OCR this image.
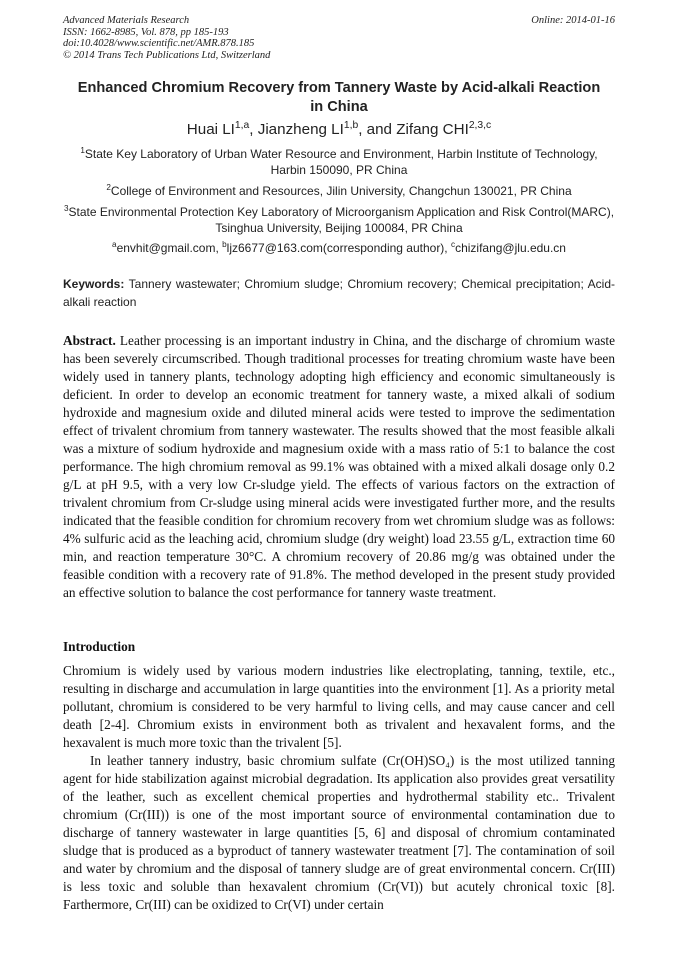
Advanced Materials Research
ISSN: 1662-8985, Vol. 878, pp 185-193
doi:10.4028/www.scientific.net/AMR.878.185
© 2014 Trans Tech Publications Ltd, Switzerland
Online: 2014-01-16
Enhanced Chromium Recovery from Tannery Waste by Acid-alkali Reaction in China
Huai LI$^{1,a}$, Jianzheng LI$^{1,b}$, and Zifang CHI$^{2,3,c}$
$^1$State Key Laboratory of Urban Water Resource and Environment, Harbin Institute of Technology, Harbin 150090, PR China
$^2$College of Environment and Resources, Jilin University, Changchun 130021, PR China
$^3$State Environmental Protection Key Laboratory of Microorganism Application and Risk Control(MARC), Tsinghua University, Beijing 100084, PR China
$^a$envhit@gmail.com, $^b$ljz6677@163.com(corresponding author), $^c$chizifang@jlu.edu.cn
Keywords: Tannery wastewater; Chromium sludge; Chromium recovery; Chemical precipitation; Acid-alkali reaction
Abstract. Leather processing is an important industry in China, and the discharge of chromium waste has been severely circumscribed. Though traditional processes for treating chromium waste have been widely used in tannery plants, technology adopting high efficiency and economic simultaneously is deficient. In order to develop an economic treatment for tannery waste, a mixed alkali of sodium hydroxide and magnesium oxide and diluted mineral acids were tested to improve the sedimentation effect of trivalent chromium from tannery wastewater. The results showed that the most feasible alkali was a mixture of sodium hydroxide and magnesium oxide with a mass ratio of 5:1 to balance the cost performance. The high chromium removal as 99.1% was obtained with a mixed alkali dosage only 0.2 g/L at pH 9.5, with a very low Cr-sludge yield. The effects of various factors on the extraction of trivalent chromium from Cr-sludge using mineral acids were investigated further more, and the results indicated that the feasible condition for chromium recovery from wet chromium sludge was as follows: 4% sulfuric acid as the leaching acid, chromium sludge (dry weight) load 23.55 g/L, extraction time 60 min, and reaction temperature 30°C. A chromium recovery of 20.86 mg/g was obtained under the feasible condition with a recovery rate of 91.8%. The method developed in the present study provided an effective solution to balance the cost performance for tannery waste treatment.
Introduction

Chromium is widely used by various modern industries like electroplating, tanning, textile, etc., resulting in discharge and accumulation in large quantities into the environment [1]. As a priority metal pollutant, chromium is considered to be very harmful to living cells, and may cause cancer and cell death [2-4]. Chromium exists in environment both as trivalent and hexavalent forms, and the hexavalent is much more toxic than the trivalent [5].

In leather tannery industry, basic chromium sulfate (Cr(OH)SO₄) is the most utilized tanning agent for hide stabilization against microbial degradation. Its application also provides great versatility of the leather, such as excellent chemical properties and hydrothermal stability etc.. Trivalent chromium (Cr(III)) is one of the most important source of environmental contamination due to discharge of tannery wastewater in large quantities [5, 6] and disposal of chromium contaminated sludge that is produced as a byproduct of tannery wastewater treatment [7]. The contamination of soil and water by chromium and the disposal of tannery sludge are of great environmental concern. Cr(III) is less toxic and soluble than hexavalent chromium (Cr(VI)) but acutely chronical toxic [8]. Farthermore, Cr(III) can be oxidized to Cr(VI) under certain
